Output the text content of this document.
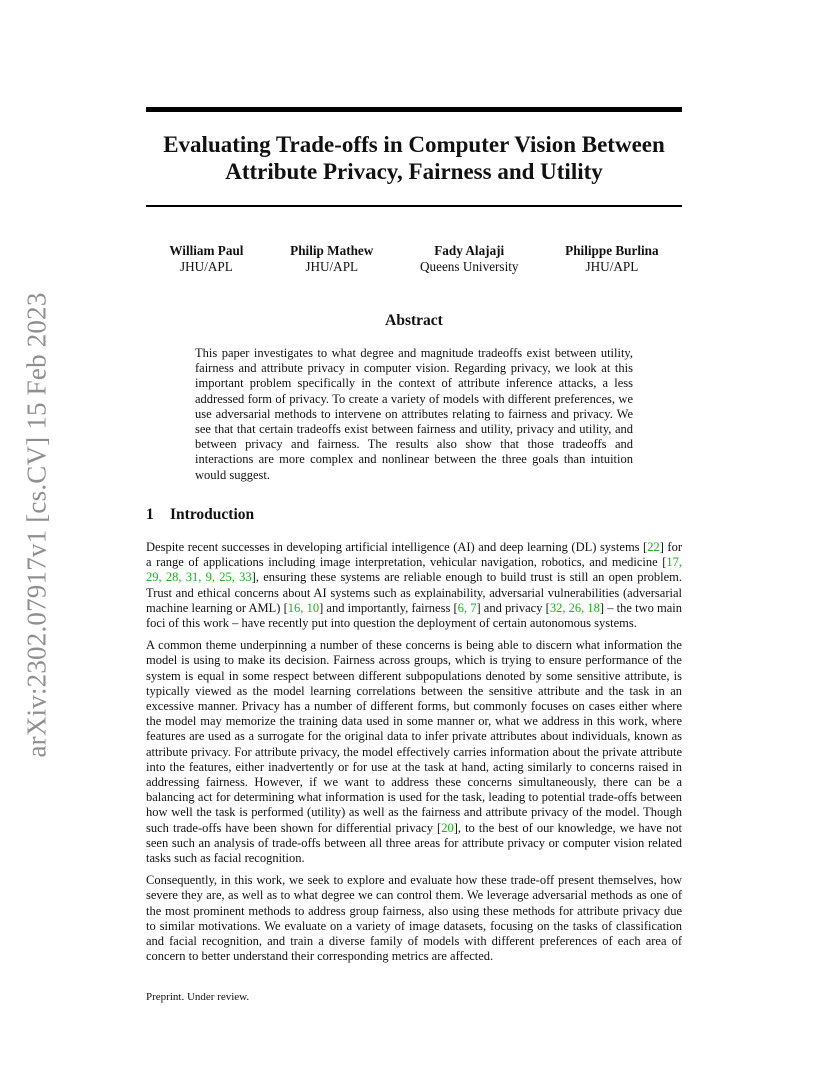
arXiv:2302.07917v1 [cs.CV] 15 Feb 2023
Evaluating Trade-offs in Computer Vision Between
Attribute Privacy, Fairness and Utility
William Paul
JHU/APL
Philip Mathew
JHU/APL
Fady Alajaji
Queens University
Philippe Burlina
JHU/APL
Abstract
This paper investigates to what degree and magnitude tradeoffs exist between utility, fairness and attribute privacy in computer vision. Regarding privacy, we look at this important problem specifically in the context of attribute inference attacks, a less addressed form of privacy. To create a variety of models with different preferences, we use adversarial methods to intervene on attributes relating to fairness and privacy. We see that that certain tradeoffs exist between fairness and utility, privacy and utility, and between privacy and fairness. The results also show that those tradeoffs and interactions are more complex and nonlinear between the three goals than intuition would suggest.
1 Introduction

Despite recent successes in developing artificial intelligence (AI) and deep learning (DL) systems [22] for a range of applications including image interpretation, vehicular navigation, robotics, and medicine [17, 29, 28, 31, 9, 25, 33], ensuring these systems are reliable enough to build trust is still an open problem. Trust and ethical concerns about AI systems such as explainability, adversarial vulnerabilities (adversarial machine learning or AML) [16, 10] and importantly, fairness [6, 7] and privacy [32, 26, 18] – the two main foci of this work – have recently put into question the deployment of certain autonomous systems.

A common theme underpinning a number of these concerns is being able to discern what information the model is using to make its decision. Fairness across groups, which is trying to ensure performance of the system is equal in some respect between different subpopulations denoted by some sensitive attribute, is typically viewed as the model learning correlations between the sensitive attribute and the task in an excessive manner. Privacy has a number of different forms, but commonly focuses on cases either where the model may memorize the training data used in some manner or, what we address in this work, where features are used as a surrogate for the original data to infer private attributes about individuals, known as attribute privacy. For attribute privacy, the model effectively carries information about the private attribute into the features, either inadvertently or for use at the task at hand, acting similarly to concerns raised in addressing fairness. However, if we want to address these concerns simultaneously, there can be a balancing act for determining what information is used for the task, leading to potential trade-offs between how well the task is performed (utility) as well as the fairness and attribute privacy of the model. Though such trade-offs have been shown for differential privacy [20], to the best of our knowledge, we have not seen such an analysis of trade-offs between all three areas for attribute privacy or computer vision related tasks such as facial recognition.

Consequently, in this work, we seek to explore and evaluate how these trade-off present themselves, how severe they are, as well as to what degree we can control them. We leverage adversarial methods as one of the most prominent methods to address group fairness, also using these methods for attribute privacy due to similar motivations. We evaluate on a variety of image datasets, focusing on the tasks of classification and facial recognition, and train a diverse family of models with different preferences of each area of concern to better understand their corresponding metrics are affected.

Preprint. Under review.
